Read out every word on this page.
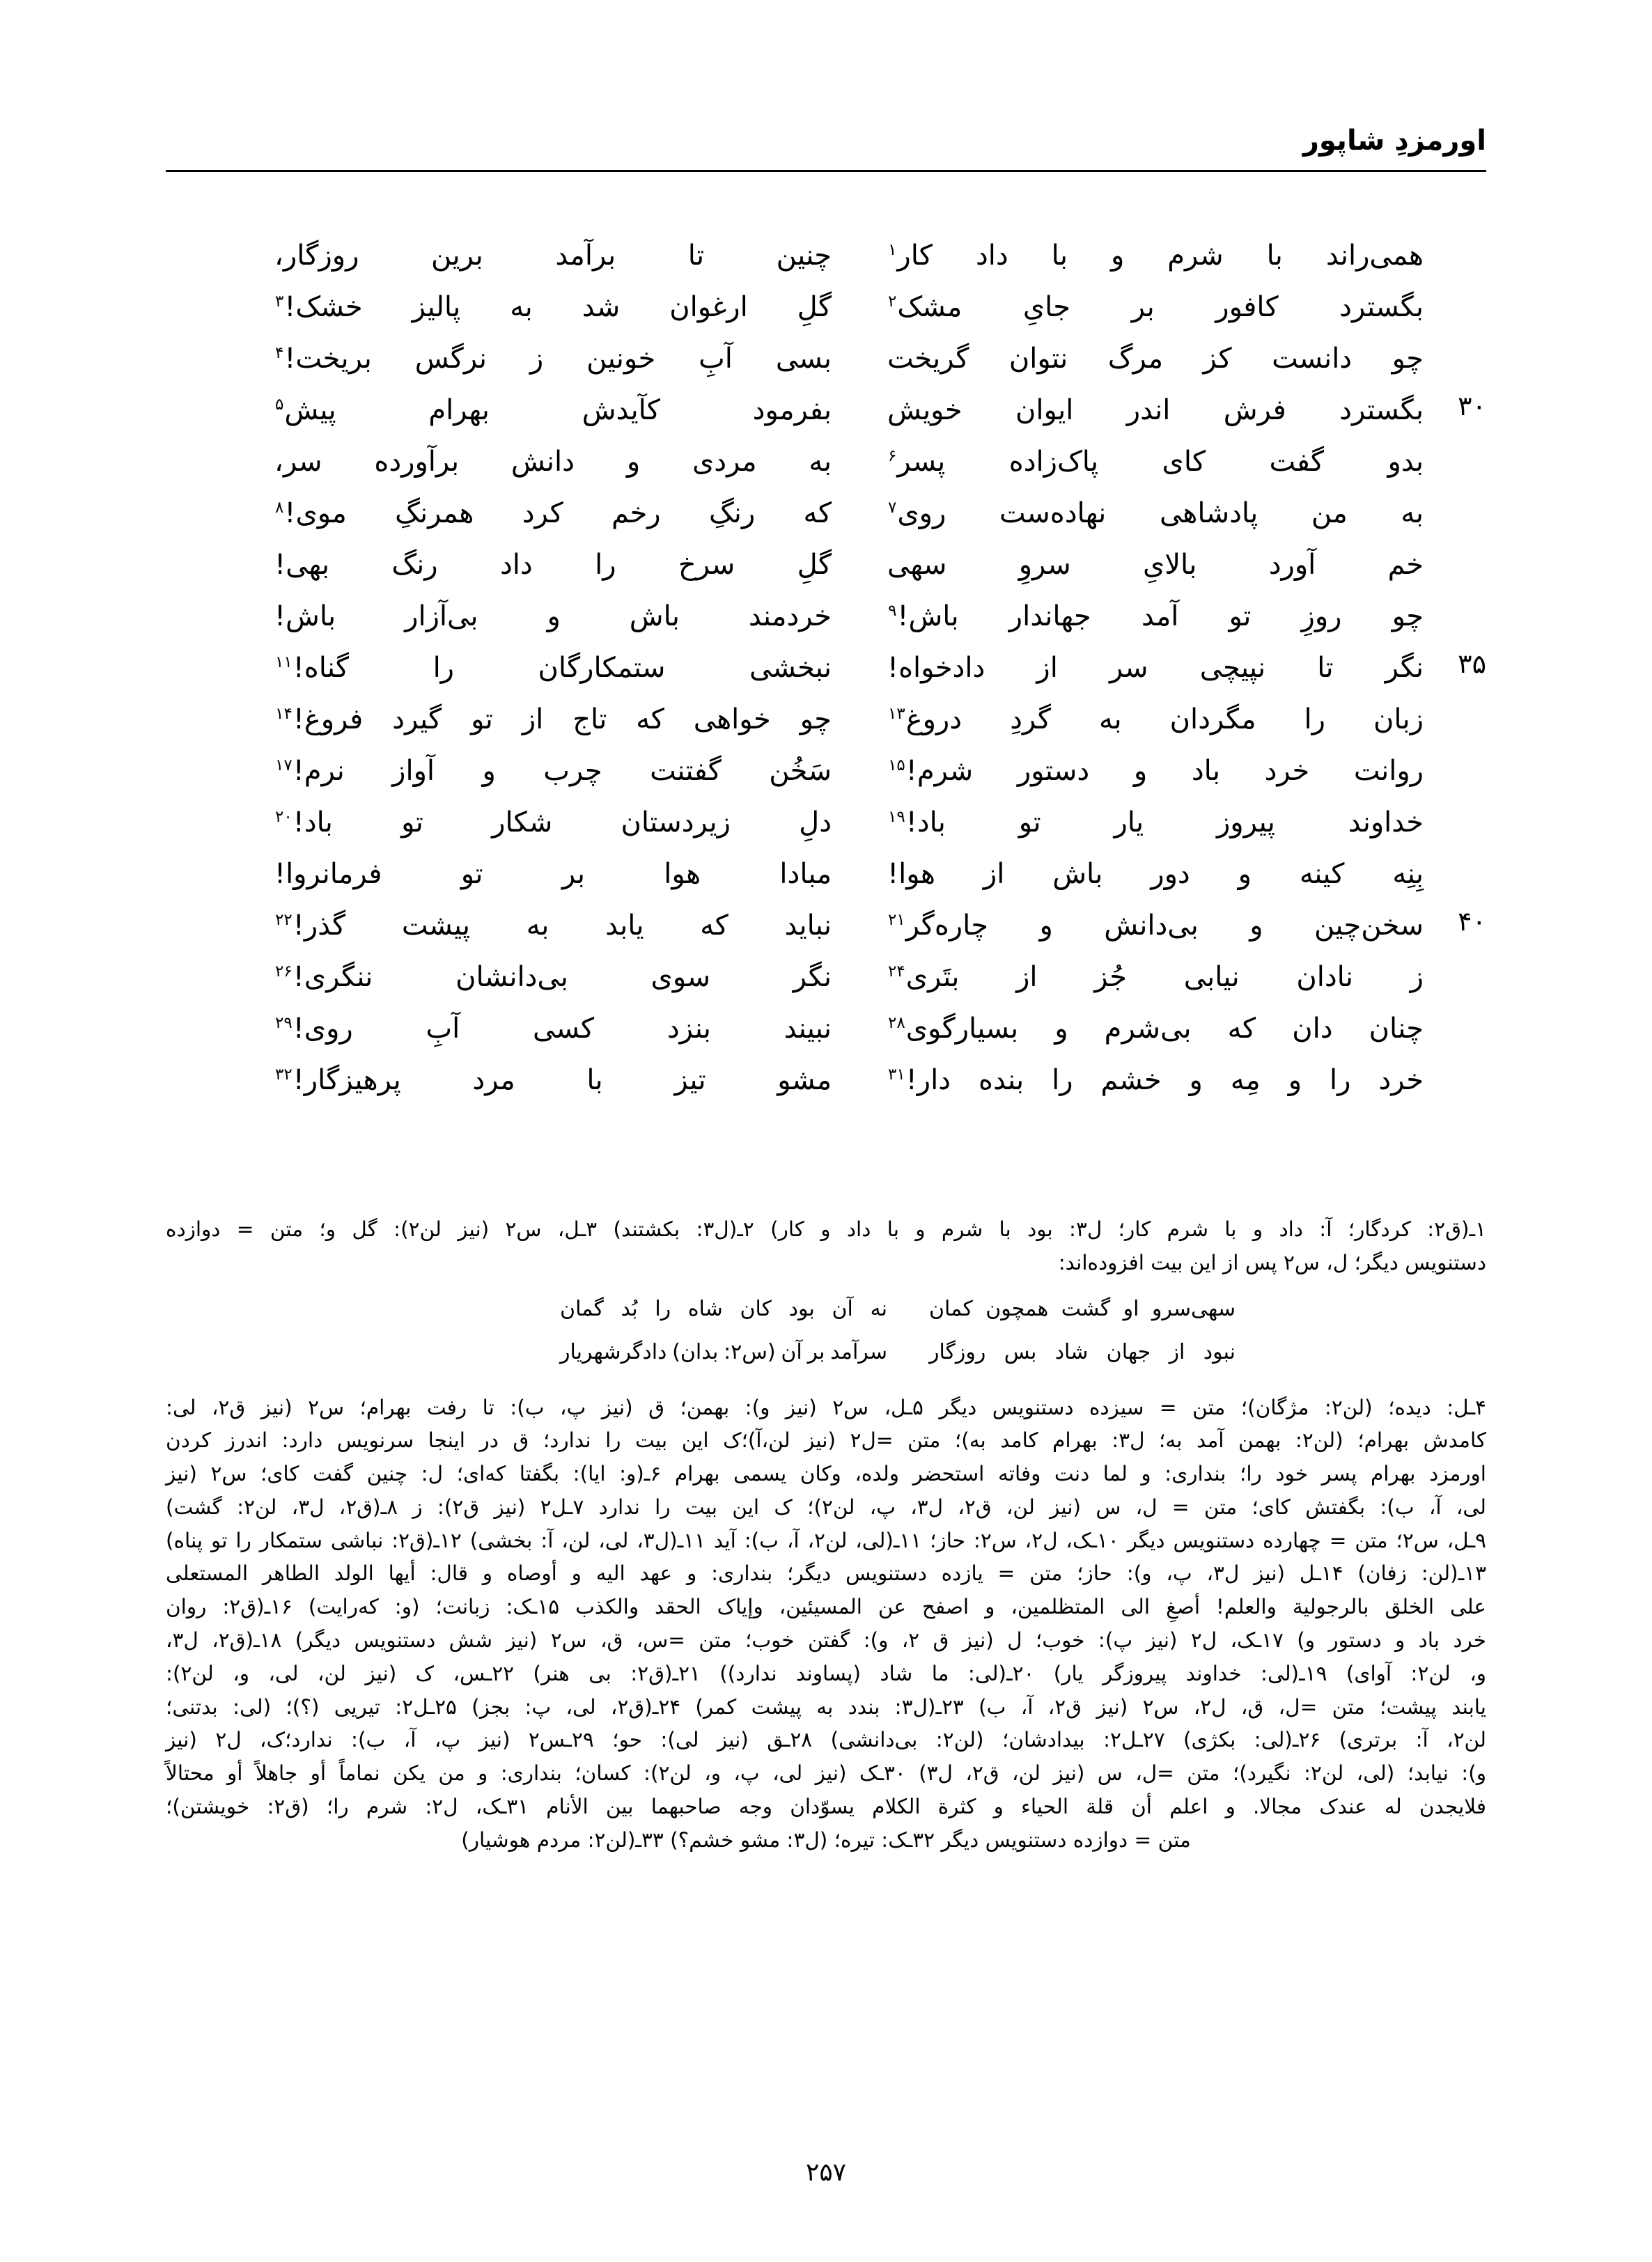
اورمزدِ شاپور
همی‌راند
با
شرم
و
با
داد
کار$^۱$
چنین
تا
برآمد
برین
روزگار،
بگسترد
کافور
بر
جایِ
مشک$^۲$
گلِ
ارغوان
شد
به
پالیز
خشک!$^۳$
چو
دانست
کز
مرگ
نتوان
گریخت
بسی
آبِ
خونین
ز
نرگس
بریخت!$^۴$
۳۰
بگسترد
فرش
اندر
ایوان
خویش
بفرمود
کآیدش
بهرام
پیش$^۵$
بدو
گفت
کای
پاک‌زاده
پسر$^۶$
به
مردی
و
دانش
برآورده
سر،
به
من
پادشاهی
نهاده‌ست
روی$^۷$
که
رنگِ
رخم
کرد
همرنگِ
موی!$^۸$
خم
آورد
بالایِ
سروِ
سهی
گلِ
سرخ
را
داد
رنگ
بهی!
چو
روزِ
تو
آمد
جهاندار
باش!$^۹$
خردمند
باش
و
بی‌آزار
باش!
۳۵
نگر
تا
نپیچی
سر
از
دادخواه!
نبخشی
ستمکارگان
را
گناه!$^{۱۱}$
زبان
را
مگردان
به
گردِ
دروغ$^{۱۳}$
چو
خواهی
که
تاج
از
تو
گیرد
فروغ!$^{۱۴}$
روانت
خرد
باد
و
دستور
شرم!$^{۱۵}$
سَخُن
گفتنت
چرب
و
آواز
نرم!$^{۱۷}$
خداوند
پیروز
یار
تو
باد!$^{۱۹}$
دلِ
زیردستان
شکار
تو
باد!$^{۲۰}$
بِنِه
کینه
و
دور
باش
از
هوا!
مبادا
هوا
بر
تو
فرمانروا!
۴۰
سخن‌چین
و
بی‌دانش
و
چاره‌گر$^{۲۱}$
نباید
که
یابد
به
پیشت
گذر!$^{۲۲}$
ز
نادان
نیابی
جُز
از
بتَری$^{۲۴}$
نگر
سوی
بی‌دانشان
ننگری!$^{۲۶}$
چنان
دان
که
بی‌شرم
و
بسیارگوی$^{۲۸}$
نبیند
بنزد
کسی
آبِ
روی!$^{۲۹}$
خرد
را
و
مِه
و
خشم
را
بنده
دار!$^{۳۱}$
مشو
تیز
با
مرد
پرهیزگار!$^{۳۲}$

۱ـ(ق۲: کردگار؛ آ: داد و با شرم کار؛ ل۳: بود با شرم و با داد و کار) ۲ـ(ل۳: بکشتند) ۳ـل، س۲ (نیز لن۲): گل و؛ متن = دوازده

دستنویس دیگر؛ ل، س۲ پس از این بیت افزوده‌اند:

سهی‌سرو
او
گشت
همچون
کمان
نه
آن
بود
کان
شاه
را
بُد
گمان
نبود
از
جهان
شاد
بس
روزگار
سرآمد
بر
آن
(س۲:
بدان)
دادگرشهریار

۴ـل: دیده؛ (لن۲: مژگان)؛ متن = سیزده دستنویس دیگر ۵ـل، س۲ (نیز و): بهمن؛ ق (نیز پ، ب): تا رفت بهرام؛ س۲ (نیز ق۲، لی:

کامدش بهرام؛ (لن۲: بهمن آمد به؛ ل۳: بهرام کامد به)؛ متن =ل۲ (نیز لن،آ)؛ک این بیت را ندارد؛ ق در اینجا سرنویس دارد: اندرز کردن

اورمزد بهرام پسر خود را؛ بنداری: و لما دنت وفاته استحضر ولده، وکان یسمی بهرام ۶ـ(و: ایا): بگفتا که‌ای؛ ل: چنین گفت کای؛ س۲ (نیز

لی، آ، ب): بگفتش کای؛ متن = ل، س (نیز لن، ق۲، ل۳، پ، لن۲)؛ ک این بیت را ندارد ۷ـل۲ (نیز ق۲): ز ۸ـ(ق۲، ل۳، لن۲: گشت)

۹ـل، س۲؛ متن = چهارده دستنویس دیگر ۱۰ـک، ل۲، س۲: حاز؛ ۱۱ـ(لی، لن۲، آ، ب): آید ۱۱ـ(ل۳، لی، لن، آ: بخشی) ۱۲ـ(ق۲: نباشی ستمکار را تو پناه)

۱۳ـ(لن: زفان) ۱۴ـل (نیز ل۳، پ، و): حاز؛ متن = یازده دستنویس دیگر؛ بنداری: و عهد الیه و أوصاه و قال: أیها الولد الطاهر المستعلی

علی الخلق بالرجولیة والعلم! أصغِ الی المتظلمین، و اصفح عن المسیئین، وإیاک الحقد والکذب ۱۵ـک: زبانت؛ (و: که‌رایت) ۱۶ـ(ق۲: روان

خرد باد و دستور و) ۱۷ـک، ل۲ (نیز پ): خوب؛ ل (نیز ق ۲، و): گفتن خوب؛ متن =س، ق، س۲ (نیز شش دستنویس دیگر) ۱۸ـ(ق۲، ل۳،

و، لن۲: آوای) ۱۹ـ(لی: خداوند پیروزگر یار) ۲۰ـ(لی: ما شاد (پساوند ندارد)) ۲۱ـ(ق۲: بی هنر) ۲۲ـس، ک (نیز لن، لی، و، لن۲):

یابند پیشت؛ متن =ل، ق، ل۲، س۲ (نیز ق۲، آ، ب) ۲۳ـ(ل۳: بندد به پیشت کمر) ۲۴ـ(ق۲، لی، پ: بجز) ۲۵ـل۲: تیریی (؟)؛ (لی: بدتنی؛

لن۲، آ: برتری) ۲۶ـ(لی: بکژی) ۲۷ـل۲: بیدادشان؛ (لن۲: بی‌دانشی) ۲۸ـق (نیز لی): حو؛ ۲۹ـس۲ (نیز پ، آ، ب): ندارد؛ک، ل۲ (نیز

و): نیابد؛ (لی، لن۲: نگیرد)؛ متن =ل، س (نیز لن، ق۲، ل۳) ۳۰ـک (نیز لی، پ، و، لن۲): کسان؛ بنداری: و من یکن نماماً أو جاهلاً أو محتالاً

فلایجدن له عندک مجالا. و اعلم أن قلة الحیاء و کثرة الکلام یسوّدان وجه صاحبهما بین الأنام ۳۱ـک، ل۲: شرم را؛ (ق۲: خویشتن)؛

متن = دوازده دستنویس دیگر ۳۲ـک: تیره؛ (ل۳: مشو خشم؟) ۳۳ـ(لن۲: مردم هوشیار)

۲۵۷
